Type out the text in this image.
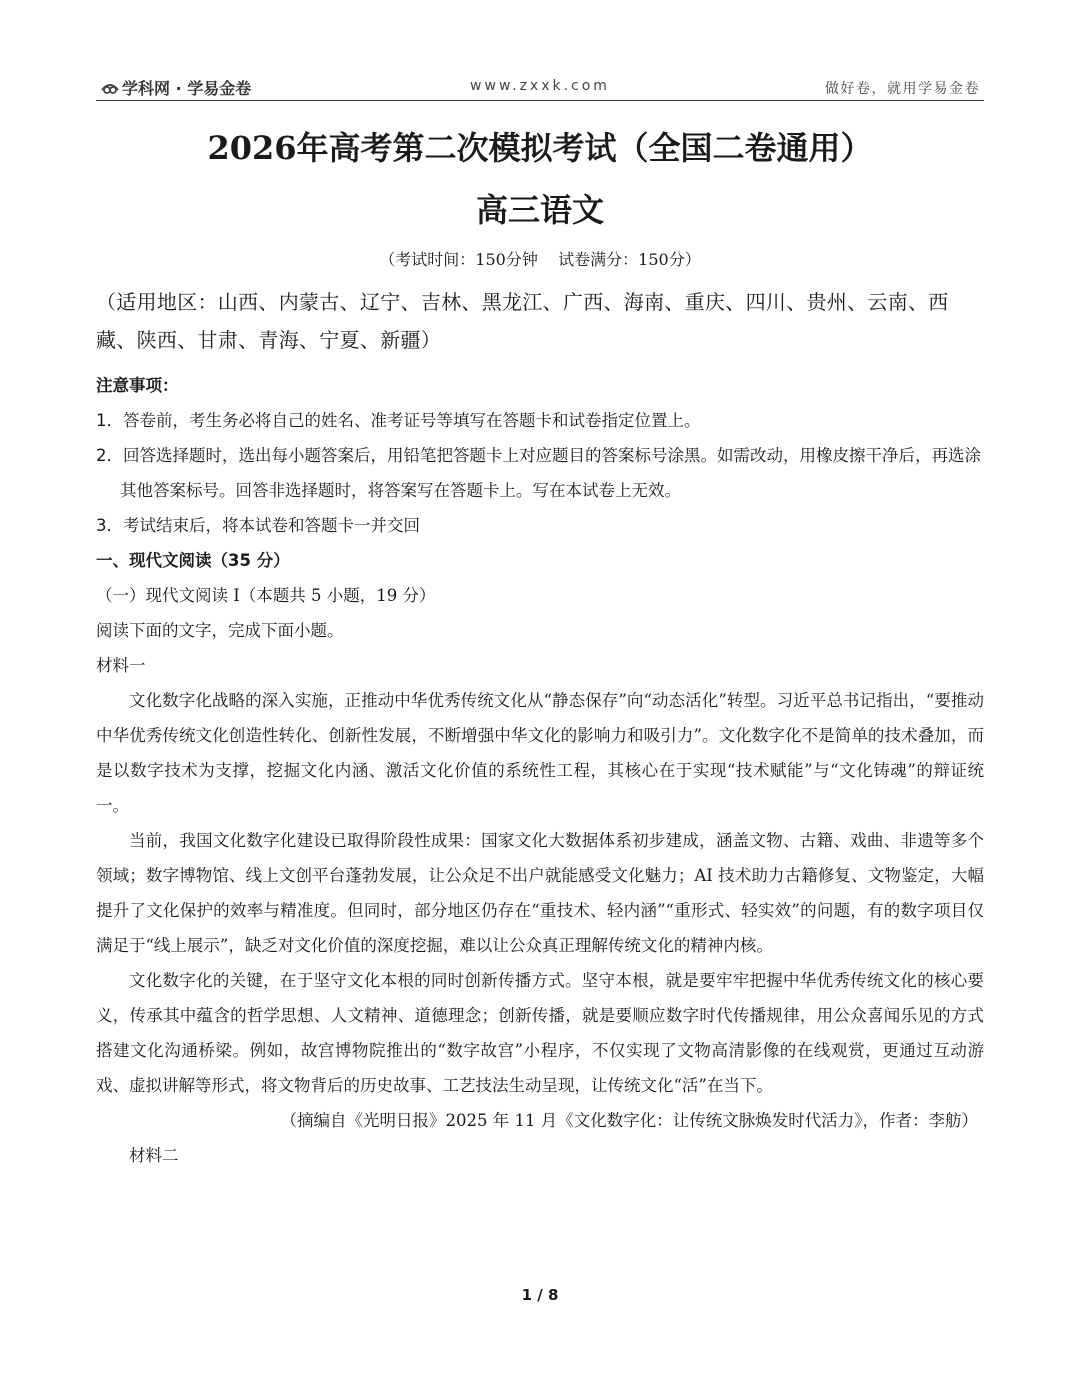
学科网 · 学易金卷	www.zxxk.com	做好卷，就用学易金卷
2026年高考第二次模拟考试（全国二卷通用）
高三语文
（考试时间：150分钟    试卷满分：150分）
（适用地区：山西、内蒙古、辽宁、吉林、黑龙江、广西、海南、重庆、四川、贵州、云南、西藏、陕西、甘肃、青海、宁夏、新疆）

注意事项：

1．答卷前，考生务必将自己的姓名、准考证号等填写在答题卡和试卷指定位置上。

2．回答选择题时，选出每小题答案后，用铅笔把答题卡上对应题目的答案标号涂黑。如需改动，用橡皮擦干净后，再选涂其他答案标号。回答非选择题时，将答案写在答题卡上。写在本试卷上无效。

3．考试结束后，将本试卷和答题卡一并交回

一、现代文阅读（35 分）

（一）现代文阅读 I（本题共 5 小题，19 分）

阅读下面的文字，完成下面小题。

材料一

文化数字化战略的深入实施，正推动中华优秀传统文化从“静态保存”向“动态活化”转型。习近平总书记指出，“要推动中华优秀传统文化创造性转化、创新性发展，不断增强中华文化的影响力和吸引力”。文化数字化不是简单的技术叠加，而是以数字技术为支撑，挖掘文化内涵、激活文化价值的系统性工程，其核心在于实现“技术赋能”与“文化铸魂”的辩证统一。

当前，我国文化数字化建设已取得阶段性成果：国家文化大数据体系初步建成，涵盖文物、古籍、戏曲、非遗等多个领域；数字博物馆、线上文创平台蓬勃发展，让公众足不出户就能感受文化魅力；AI 技术助力古籍修复、文物鉴定，大幅提升了文化保护的效率与精准度。但同时，部分地区仍存在“重技术、轻内涵”“重形式、轻实效”的问题，有的数字项目仅满足于“线上展示”，缺乏对文化价值的深度挖掘，难以让公众真正理解传统文化的精神内核。

文化数字化的关键，在于坚守文化本根的同时创新传播方式。坚守本根，就是要牢牢把握中华优秀传统文化的核心要义，传承其中蕴含的哲学思想、人文精神、道德理念；创新传播，就是要顺应数字时代传播规律，用公众喜闻乐见的方式搭建文化沟通桥梁。例如，故宫博物院推出的“数字故宫”小程序，不仅实现了文物高清影像的在线观赏，更通过互动游戏、虚拟讲解等形式，将文物背后的历史故事、工艺技法生动呈现，让传统文化“活”在当下。

（摘编自《光明日报》2025 年 11 月《文化数字化：让传统文脉焕发时代活力》，作者：李舫）

材料二

1 / 8
